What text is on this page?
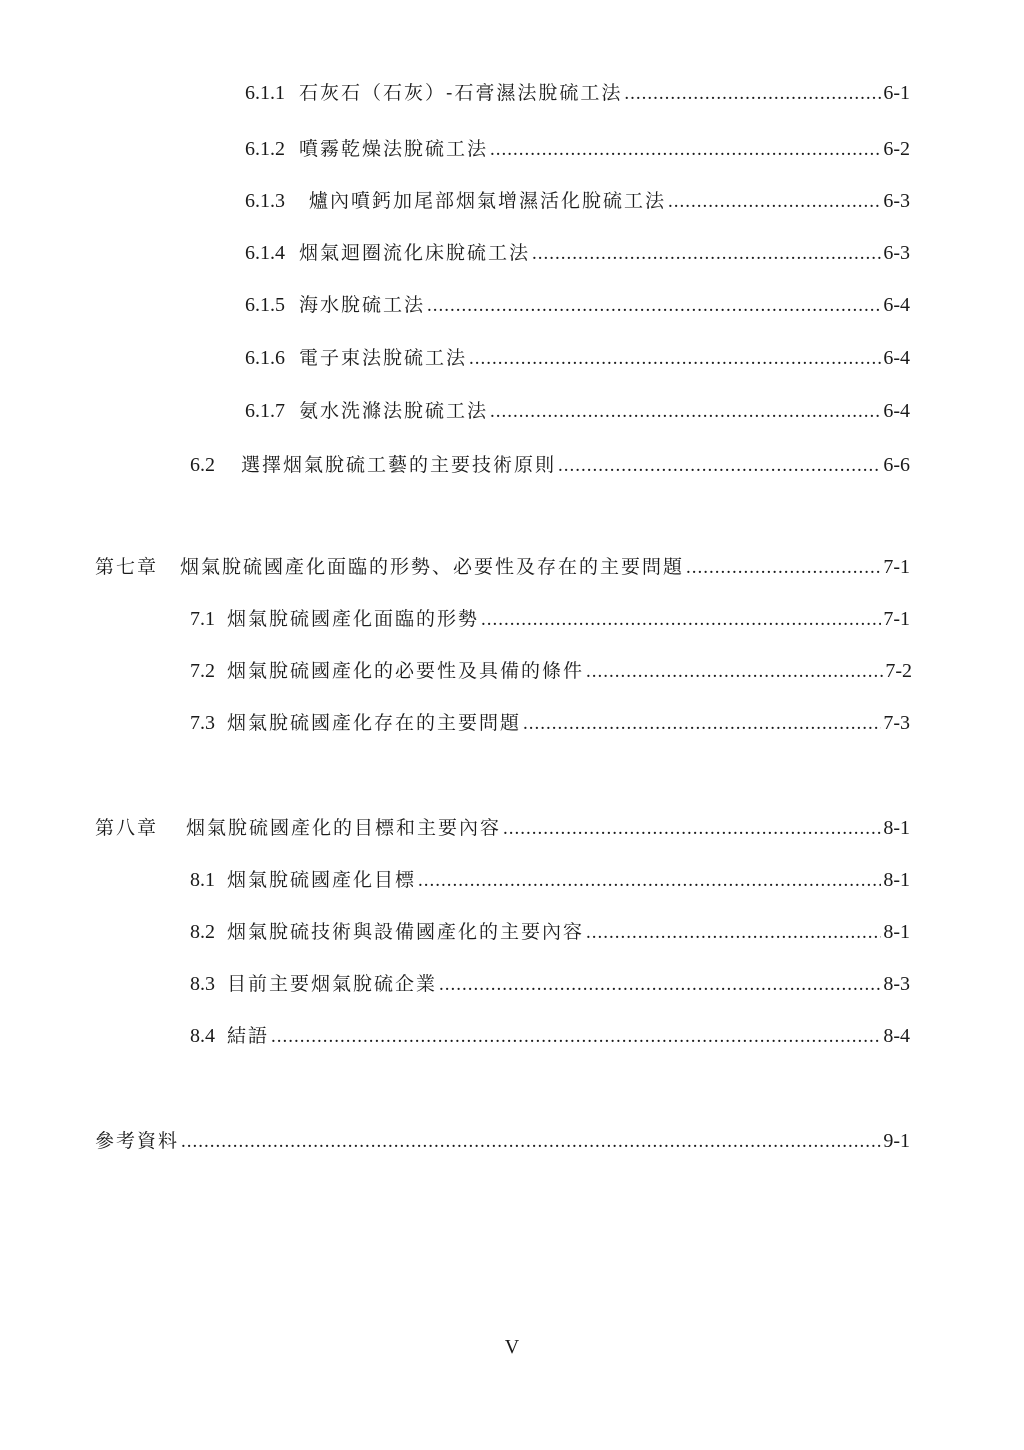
6.1.1 石灰石（石灰）-石膏濕法脫硫工法 .....	6-1
6.1.2 噴霧乾燥法脫硫工法 .....	6-2
6.1.3 爐內噴鈣加尾部烟氣增濕活化脫硫工法 .....	6-3
6.1.4 烟氣迴圈流化床脫硫工法 .....	6-3
6.1.5 海水脫硫工法 .....	6-4
6.1.6 電子束法脫硫工法 .....	6-4
6.1.7 氨水洗滌法脫硫工法 .....	6-4
6.2 選擇烟氣脫硫工藝的主要技術原則 .....	6-6
第七章 烟氣脫硫國產化面臨的形勢、必要性及存在的主要問題 .....	7-1
7.1 烟氣脫硫國產化面臨的形勢 .....	7-1
7.2 烟氣脫硫國產化的必要性及具備的條件 .....	7-2
7.3 烟氣脫硫國產化存在的主要問題 .....	7-3
第八章 烟氣脫硫國產化的目標和主要內容 .....	8-1
8.1 烟氣脫硫國產化目標 .....	8-1
8.2 烟氣脫硫技術與設備國產化的主要內容 .....	8-1
8.3 目前主要烟氣脫硫企業 .....	8-3
8.4 結語 .....	8-4
參考資料 .....	9-1
V
